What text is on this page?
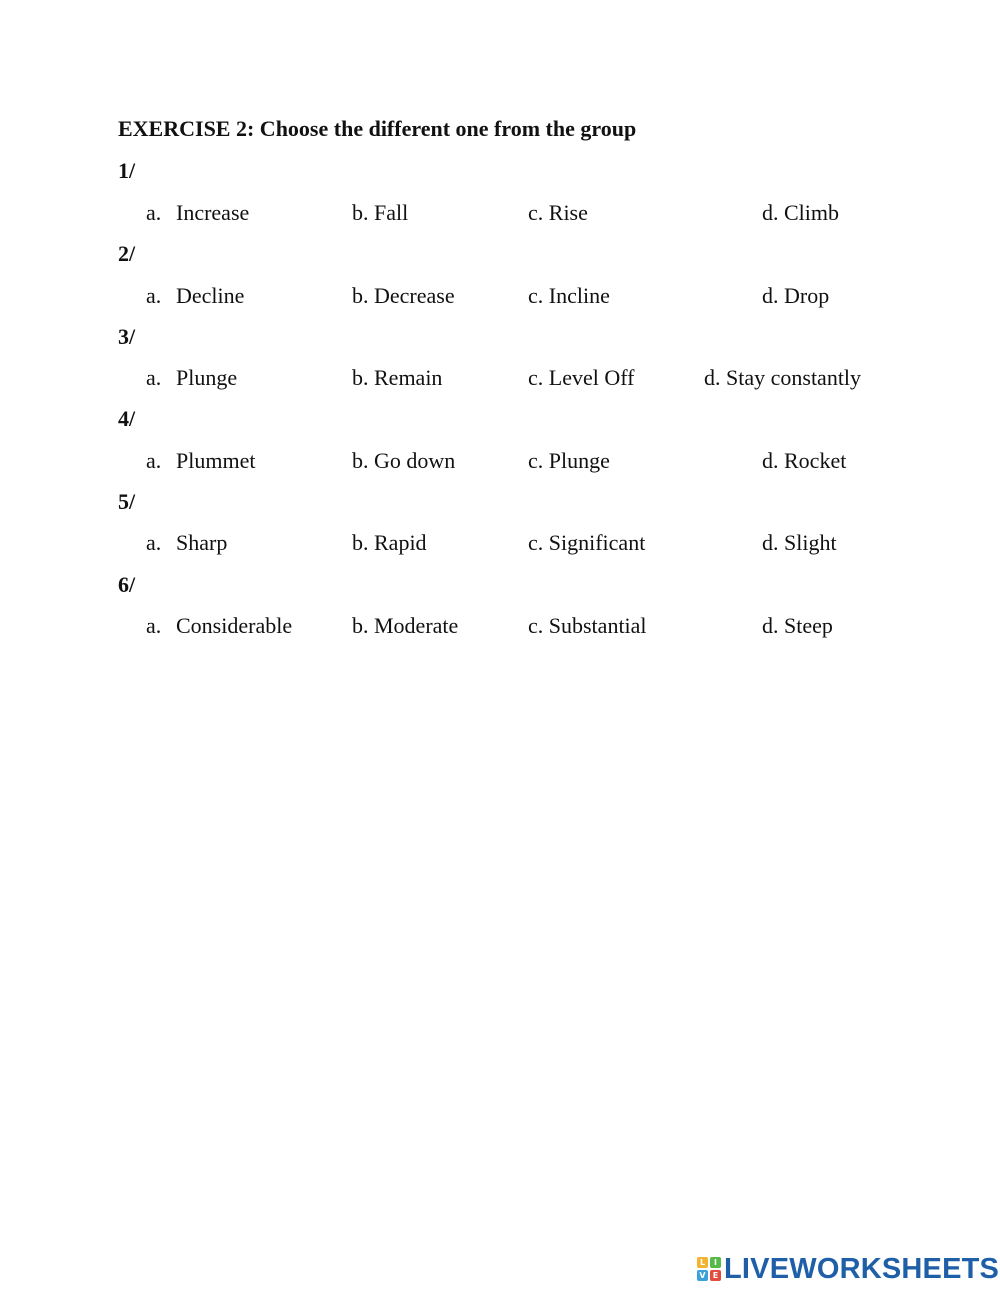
EXERCISE 2: Choose the different one from the group
1/
a. Increase	b. Fall	c. Rise	d. Climb
2/
a. Decline	b. Decrease	c. Incline	d. Drop
3/
a. Plunge	b. Remain	c. Level Off	d. Stay constantly
4/
a. Plummet	b. Go down	c. Plunge	d. Rocket
5/
a. Sharp	b. Rapid	c. Significant	d. Slight
6/
a. Considerable	b. Moderate	c. Substantial	d. Steep
L	I
V E LIVEWORKSHEETS
